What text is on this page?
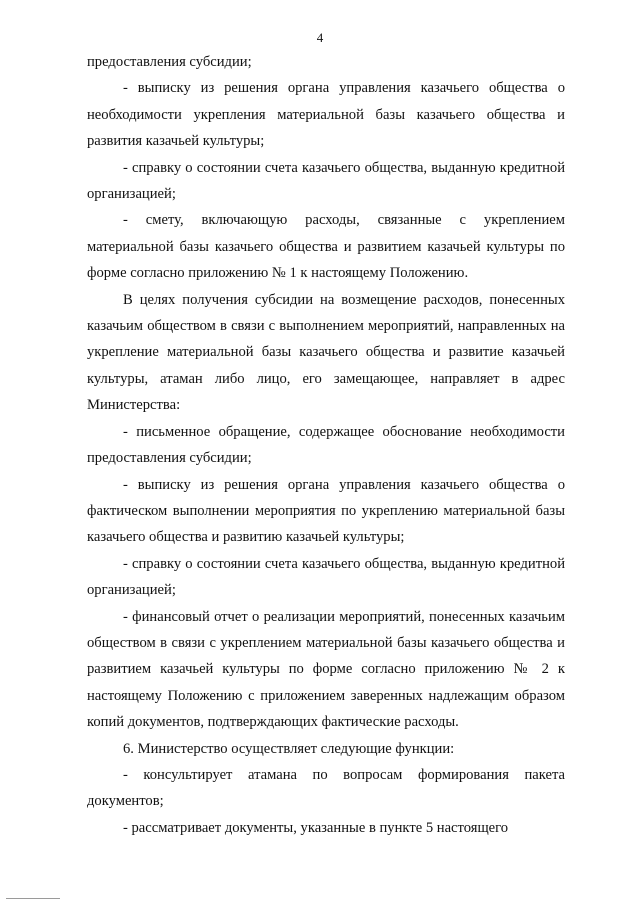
4

предоставления субсидии;

- выписку из решения органа управления казачьего общества о необходимости укрепления материальной базы казачьего общества и развития казачьей культуры;

- справку о состоянии счета казачьего общества, выданную кредитной организацией;

- смету, включающую расходы, связанные с укреплением материальной базы казачьего общества и развитием казачьей культуры по форме согласно приложению № 1 к настоящему Положению.

В целях получения субсидии на возмещение расходов, понесенных казачьим обществом в связи с выполнением мероприятий, направленных на укрепление материальной базы казачьего общества и развитие казачьей культуры, атаман либо лицо, его замещающее, направляет в адрес Министерства:

- письменное обращение, содержащее обоснование необходимости предоставления субсидии;

- выписку из решения органа управления казачьего общества о фактическом выполнении мероприятия по укреплению материальной базы казачьего общества и развитию казачьей культуры;

- справку о состоянии счета казачьего общества, выданную кредитной организацией;

- финансовый отчет о реализации мероприятий, понесенных казачьим обществом в связи с укреплением материальной базы казачьего общества и развитием казачьей культуры по форме согласно приложению № 2 к настоящему Положению с приложением заверенных надлежащим образом копий документов, подтверждающих фактические расходы.

6. Министерство осуществляет следующие функции:

- консультирует атамана по вопросам формирования пакета документов;

- рассматривает документы, указанные в пункте 5 настоящего
